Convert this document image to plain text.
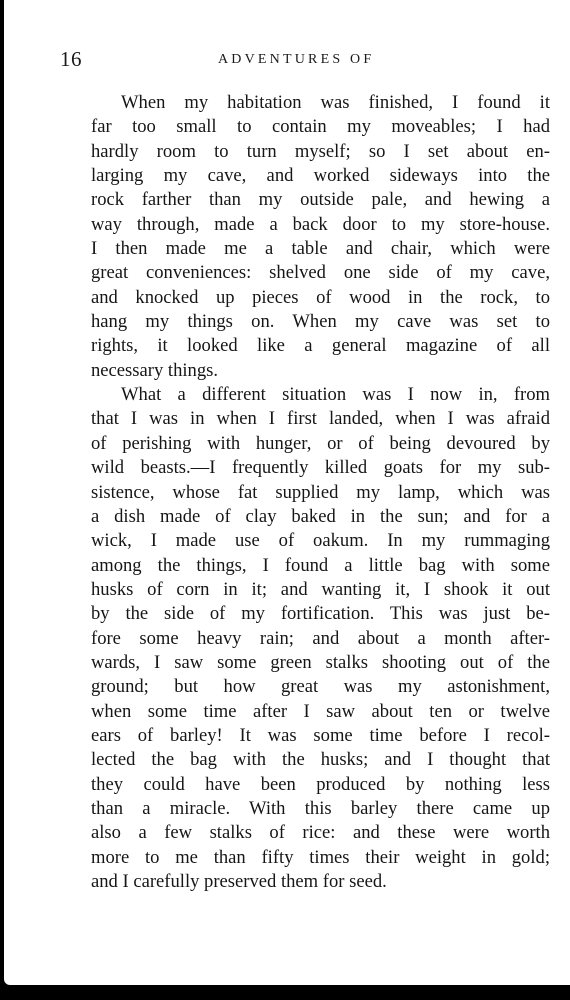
16	ADVENTURES OF
When my habitation was finished, I found it
far too small to contain my moveables; I had
hardly room to turn myself; so I set about en-
larging my cave, and worked sideways into the
rock farther than my outside pale, and hewing a
way through, made a back door to my store-house.
I then made me a table and chair, which were
great conveniences: shelved one side of my cave,
and knocked up pieces of wood in the rock, to
hang my things on. When my cave was set to
rights, it looked like a general magazine of all
necessary things.
What a different situation was I now in, from
that I was in when I first landed, when I was afraid
of perishing with hunger, or of being devoured by
wild beasts.—I frequently killed goats for my sub-
sistence, whose fat supplied my lamp, which was
a dish made of clay baked in the sun; and for a
wick, I made use of oakum. In my rummaging
among the things, I found a little bag with some
husks of corn in it; and wanting it, I shook it out
by the side of my fortification. This was just be-
fore some heavy rain; and about a month after-
wards, I saw some green stalks shooting out of the
ground; but how great was my astonishment,
when some time after I saw about ten or twelve
ears of barley! It was some time before I recol-
lected the bag with the husks; and I thought that
they could have been produced by nothing less
than a miracle. With this barley there came up
also a few stalks of rice: and these were worth
more to me than fifty times their weight in gold;
and I carefully preserved them for seed.
